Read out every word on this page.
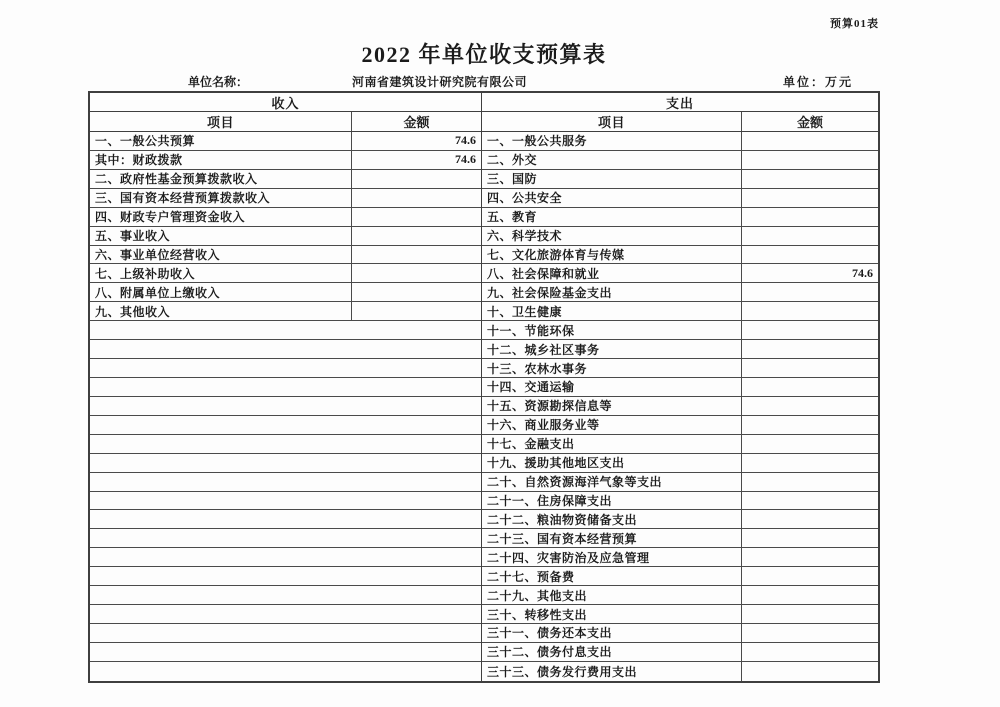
预算01表
2022 年单位收支预算表
单位名称：	河南省建筑设计研究院有限公司	单位：万元
收入
项目	金额
一、一般公共预算	74.6
其中：财政拨款	74.6
二、政府性基金预算拨款收入
三、国有资本经营预算拨款收入
四、财政专户管理资金收入
五、事业收入
六、事业单位经营收入
七、上级补助收入
八、附属单位上缴收入
九、其他收入
支出
项目	金额
一、一般公共服务
二、外交
三、国防
四、公共安全
五、教育
六、科学技术
七、文化旅游体育与传媒
八、社会保障和就业	74.6
九、社会保险基金支出
十、卫生健康
十一、节能环保
十二、城乡社区事务
十三、农林水事务
十四、交通运输
十五、资源勘探信息等
十六、商业服务业等
十七、金融支出
十九、援助其他地区支出
二十、自然资源海洋气象等支出
二十一、住房保障支出
二十二、粮油物资储备支出
二十三、国有资本经营预算
二十四、灾害防治及应急管理
二十七、预备费
二十九、其他支出
三十、转移性支出
三十一、债务还本支出
三十二、债务付息支出
三十三、债务发行费用支出
